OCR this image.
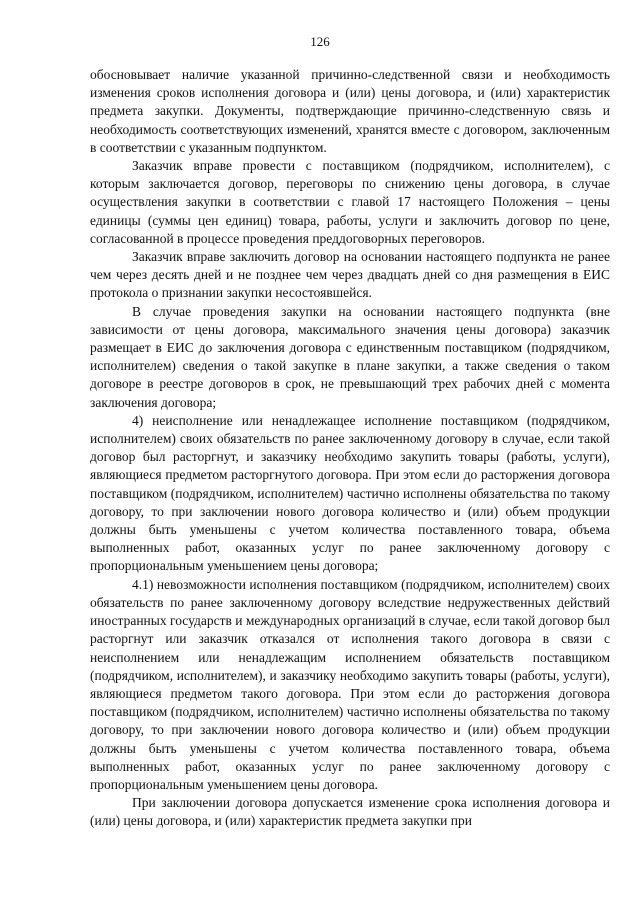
126

обосновывает наличие указанной причинно-следственной связи и необходимость изменения сроков исполнения договора и (или) цены договора, и (или) характеристик предмета закупки. Документы, подтверждающие причинно-следственную связь и необходимость соответствующих изменений, хранятся вместе с договором, заключенным в соответствии с указанным подпунктом.

Заказчик вправе провести с поставщиком (подрядчиком, исполнителем), с которым заключается договор, переговоры по снижению цены договора, в случае осуществления закупки в соответствии с главой 17 настоящего Положения – цены единицы (суммы цен единиц) товара, работы, услуги и заключить договор по цене, согласованной в процессе проведения преддоговорных переговоров.

Заказчик вправе заключить договор на основании настоящего подпункта не ранее чем через десять дней и не позднее чем через двадцать дней со дня размещения в ЕИС протокола о признании закупки несостоявшейся.

В случае проведения закупки на основании настоящего подпункта (вне зависимости от цены договора, максимального значения цены договора) заказчик размещает в ЕИС до заключения договора с единственным поставщиком (подрядчиком, исполнителем) сведения о такой закупке в плане закупки, а также сведения о таком договоре в реестре договоров в срок, не превышающий трех рабочих дней с момента заключения договора;

4) неисполнение или ненадлежащее исполнение поставщиком (подрядчиком, исполнителем) своих обязательств по ранее заключенному договору в случае, если такой договор был расторгнут, и заказчику необходимо закупить товары (работы, услуги), являющиеся предметом расторгнутого договора. При этом если до расторжения договора поставщиком (подрядчиком, исполнителем) частично исполнены обязательства по такому договору, то при заключении нового договора количество и (или) объем продукции должны быть уменьшены с учетом количества поставленного товара, объема выполненных работ, оказанных услуг по ранее заключенному договору с пропорциональным уменьшением цены договора;

4.1) невозможности исполнения поставщиком (подрядчиком, исполнителем) своих обязательств по ранее заключенному договору вследствие недружественных действий иностранных государств и международных организаций в случае, если такой договор был расторгнут или заказчик отказался от исполнения такого договора в связи с неисполнением или ненадлежащим исполнением обязательств поставщиком (подрядчиком, исполнителем), и заказчику необходимо закупить товары (работы, услуги), являющиеся предметом такого договора. При этом если до расторжения договора поставщиком (подрядчиком, исполнителем) частично исполнены обязательства по такому договору, то при заключении нового договора количество и (или) объем продукции должны быть уменьшены с учетом количества поставленного товара, объема выполненных работ, оказанных услуг по ранее заключенному договору с пропорциональным уменьшением цены договора.

При заключении договора допускается изменение срока исполнения договора и (или) цены договора, и (или) характеристик предмета закупки при
